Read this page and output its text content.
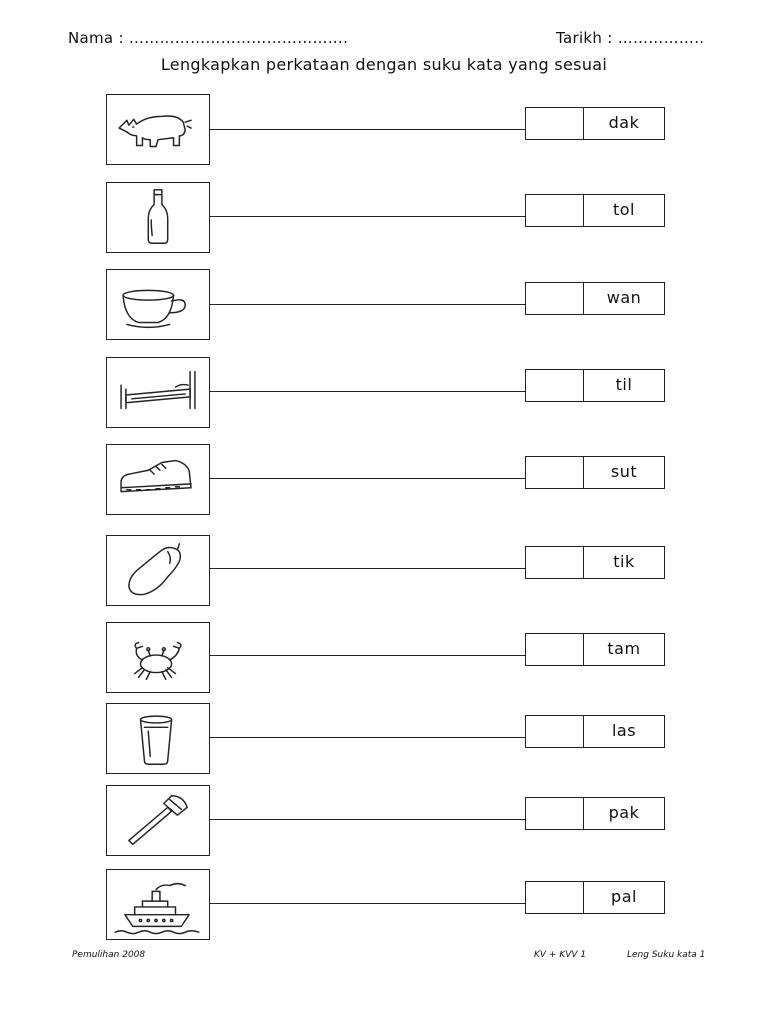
Nama : …………………………………….	Tarikh : ……………..
Lengkapkan perkataan dengan suku kata yang sesuai
dak
tol
wan
til
sut
tik
tam
las
pak
pal
Pemulihan 2008	KV + KVV 1	Leng Suku kata 1
